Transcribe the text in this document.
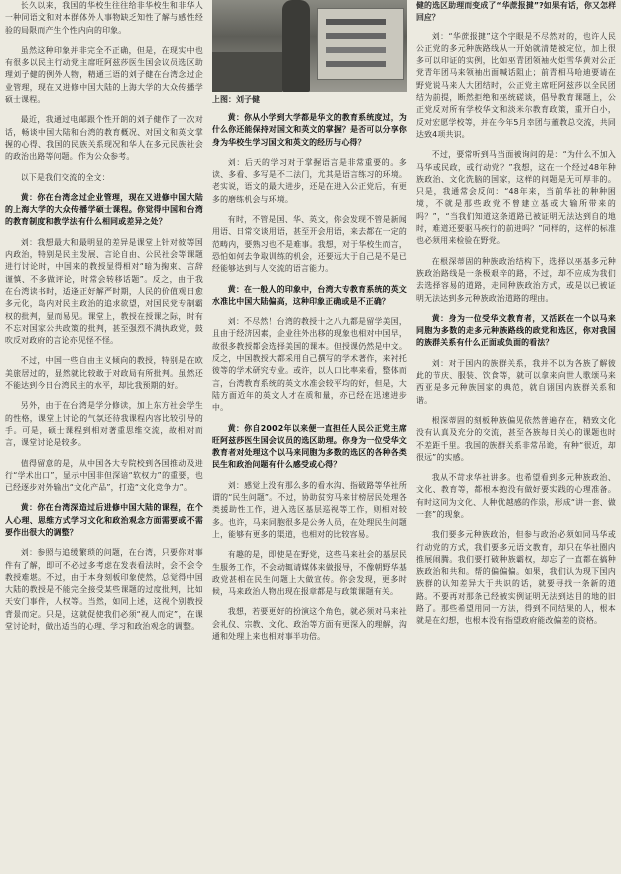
长久以来，我国的华校生往往给非华校生和非华人一种同语文和对本群体外人事物缺乏知性了解与感性经验的局限而产生个性内向的印象。

虽然这种印象并非完全不正确，但是，在现实中也有很多以民主行动党主席旺阿兹莎医生国会议员选区助理刘子健的例外人物，精通三语的刘子健在台湾念过企业管理，现在又进修中国大陆的上海大学的大众传播学硕士课程。

最近，我通过电邮跟个性开朗的刘子健作了一次对话，畅谈中国大陆和台湾的教育概况、对国文和英文掌握的心得、我国的民族关系现况和华人在多元民族社会的政治出路等问题。作为公众参考。

以下是我们交流的全文：

黄：你在台湾念过企业管理，现在又进修中国大陆的上海大学的大众传播学硕士课程。你觉得中国和台湾的教育制度和教学法有什么相同或差异之处？

刘：我想最大和最明显的差异是课堂上针对彼等国内政治，特别是民主发展、言论自由、公民社会等课题进行讨论时，中国来的教授显得相对“暗为掬束、言辞谨慎、不多做评论，时常会转移话题”。反之，由于我在台湾读书时，适逢正好解严时期，人民的价值观日愈多元化，岛内对民主政治的追求欲望，对国民党专制霸权的批判，显而易见。课堂上，教授在授课之际，时有不忘对国家公共政策的批判，甚至强烈不满执政党，鼓吹反对政府的言论亦见怪不怪。

不过，中国一些自由主义倾向的教授，特别是在欧美旅居过的，显然就比较敢于对政局有所批判。虽然还不能达到今日台湾民主的水平，却比我预期的好。

另外，由于在台湾是学分修读，加上东方社会学生的性格，课堂上讨论的气氛还待我课程内容比较引导的手。可是，硕士课程到相对著重思维交流，故相对而言，课堂讨论是较多。

值得留意的是，从中国各大专院校到各国推动及进行“学术出口”，显示中国非但深谙“软权力”的重要，也已经逐步对外输出“文化产品”，打造“文化竞争力”。

黄：你在台湾深造过后进修中国大陆的课程，在个人心理、思维方式学习文化和政治观念方面需要或不需要作出很大的调整？

刘：参照与追缓繁琐的问题，在台湾，只要你对事件有了解，即可不必过多考虑在发表看法时，会不会令教授难堪。不过，由于本身刻板印象使然，总觉得中国大陆的教授是不能完全接受某些课题的过度批判，比如天安门事件，人权等。当然，如同上述，这视个别教授背景而定。只是，这就促使我们必须“视人而定”，在课堂讨论时，做出适当的心理、学习和政治观念的调整。

上图：刘子健

黄：你从小学到大学都是华文的教育系统度过，为什么你还能保持对国文和英文的掌握？是否可以分享你身为华校生学习国文和英文的经历与心得？

刘：后天的学习对于掌握语言是非常重要的。多读、多看、多写是不二法门，尤其是语言练习的环境。老实说，语文的最大进步，还是在进入公正党后，有更多的磨练机会与环境。

有时，不管是国、华、英文，你会发现不管是新闻用语、日常交谈用语，甚至开会用语，来去都在一定的范畴内，要熟习也不是难事。我想，对于华校生而言，恐怕如何去争取训练的机会，还要远大于自己是不是已经能够达到与人交流的语言能力。

黄：在一般人的印象中，台湾大专教育系统的英文水准比中国大陆偏高，这种印象正确或是不正确？

刘：不尽然！台湾的教授十之八九都是留学美国，且由于经济因素，企业往外出移的现象也相对中国早，故很多教授都会选择美国的课本。但授课仍然是中文。反之，中国教授大都采用自己撰写的学术著作，来衬托彼等的学术研究专业。或许，以人口比率来看，整体而言，台湾教育系统的英文水准会较平均的好，但是，大陆方面近年的英文人才在质和量，亦已经在迅速进步中。

黄：你自2002年以来便一直担任人民公正党主席旺阿兹莎医生国会议员的选区助理。你身为一位受华文教育者对处理这个以马来同胞为多数的选区的各种各类民生和政治问题有什么感受或心得？

刘：感觉上没有那么多的看水沟、指破路等华社所谓的“民生问题”。不过，协助贫穷马来甘榜居民处理各类援助性工作，进入选区基层巡视等工作，则相对较多。也许，马来同胞很多是公务人员，在处理民生问题上，能够有更多的渠道，也相对的比较容易。

有趣的是，即使是在野党，这些马来社会的基层民生服务工作，不会动辄请媒体来做报导，不像朝野华基政党甚相在民生问题上大做宣传。你会发现，更多时候，马来政治人物出现在报章都是与政策课题有关。

我想，若要更好的扮演这个角色，就必须对马来社会礼仪、宗教、文化、政治等方面有更深入的理解，沟通和处理上来也相对事半功倍。

健的选区助理而变成了“华蔗报揵”?如果有话，你又怎样回应？

刘：“华蔗报揵”这个字眼是不尽然对的，也许人民公正党的多元种族路线从一开始就清楚被定位，加上很多可以印证的实例，比如巫青团领袖火炬雪华黄对公正党青年团马来领袖出面喊话阻止；前青相马哈迪要请在野党说马来人大团结时，公正党主席旺阿兹莎以全民团结为前提，断然拒绝和巫统磋谈，倡导教育课题上，公正党反对所有学校华文和淡米尔教育政策，重开白小，反对宏愿学校等，并在今年5月幸团与董教总交流，共同达致4项共识。

不过，要常听到马当面被询问的是：“为什么不加入马华或民政，或行动党？”我想，这在一个经过48年种族政治、文化洗脑的国家，这样的问题是无可厚非的。只是，我通常会反问：“48年来，当前华社的种种困境，不就是那些政党不曾建立基或大输所带来的吗？”，“当我们知道这条道路已被证明无法达到自的地时，难道还要驱马疾行的前进吗？”同样的，这样的标准也必须用来检验在野党。

在根深蒂固的种族政治结构下，选择以巫基多元种族政治路线是一条极艰辛的路，不过，却不应成为我们去选择容易的道路，走同种族政治方式，或是以已被证明无法达到多元种族政治道路的理由。

黄：身为一位受华文教育者，又活跃在一个以马来同胞为多数的走多元种族路线的政党和选区，你对我国的族群关系有什么正面或负面的看法？

刘：对于国内的族群关系，我并不以为各族了解彼此的节庆、服装、饮食等，就可以拿来向世人歌颂马来西亚是多元种族国家的典范，就自诩国内族群关系和谐。

根深蒂固的刻板种族偏见依然普遍存在，精致文化没有认真及充分的交流，甚至各族每日关心的课题也时不差距千里。我国的族群关系非常吊诡，有种“很近，却很远”的实感。

我从不苛求华社讲多。也希望看到多元种族政治、文化、教育等，都根本抱没有做好要实践的心理准备。有时这同为文化、人种优越感的作祟，形成“讲一套、做一套”的现象。

我们要多元种族政治，但参与政治必须如同马华或行动党的方式，我们要多元语文教育，却只在华社圈内推展闹腾。我们要打破种族霸权，却忘了一直都在搞种族政治和共和。帮的偏偏偏。如果，我们认为现下国内族群的认知差异大于共识的话，就要寻找一条新的道路。不要再对那条已经被实例证明无法到达目的地的旧路了。那些希望用同一方法，得到不同结果的人，根本就是在幻想，也根本没有指望政府能改偏差的资格。
